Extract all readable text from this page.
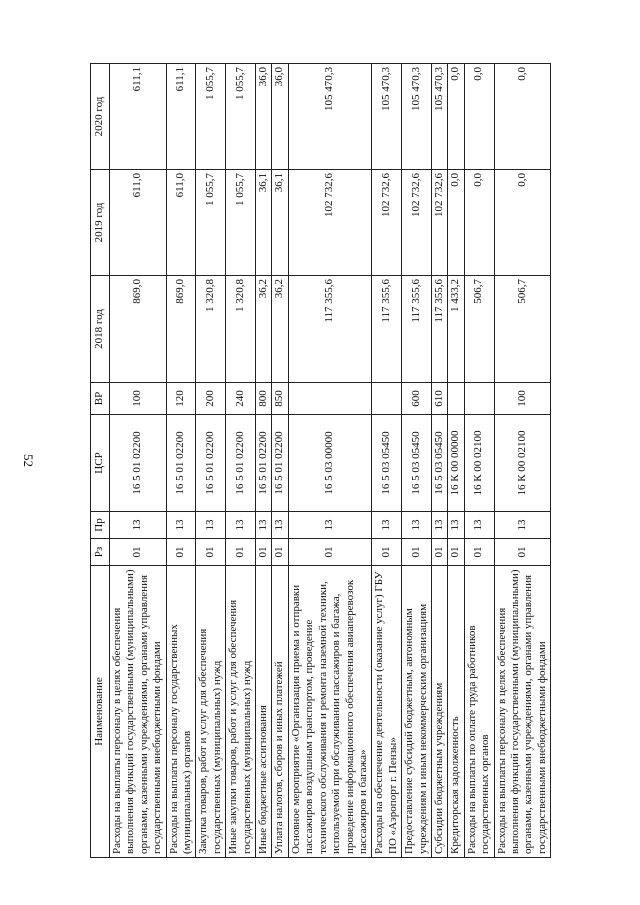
52
Наименование	Рз	Пр	ЦСР	ВР	2018 год	2019 год	2020 год
Расходы на выплаты персоналу в целях обеспечения выполнения функций государственными (муниципальными) органами, казенными учреждениями, органами управления государственными внебюджетными фондами	01	13	16 5 01 02200	100	869,0	611,0	611,1
Расходы на выплаты персоналу государственных (муниципальных) органов	01	13	16 5 01 02200	120	869,0	611,0	611,1
Закупка товаров, работ и услуг для обеспечения государственных (муниципальных) нужд	01	13	16 5 01 02200	200	1 320,8	1 055,7	1 055,7
Иные закупки товаров, работ и услуг для обеспечения государственных (муниципальных) нужд	01	13	16 5 01 02200	240	1 320,8	1 055,7	1 055,7
Иные бюджетные ассигнования	01	13	16 5 01 02200	800	36,2	36,1	36,0
Уплата налогов, сборов и иных платежей	01	13	16 5 01 02200	850	36,2	36,1	36,0
Основное мероприятие «Организация приема и отправки пассажиров воздушным транспортом, проведение технического обслуживания и ремонта наземной техники, используемой при обслуживании пассажиров и багажа, проведение информационного обеспечения авиаперевозок пассажиров и багажа»	01	13	16 5 03 00000		117 355,6	102 732,6	105 470,3
Расходы на обеспечение деятельности (оказание услуг) ГБУ ПО «Аэропорт г. Пензы»	01	13	16 5 03 05450		117 355,6	102 732,6	105 470,3
Предоставление субсидий бюджетным, автономным учреждениям и иным некоммерческим организациям	01	13	16 5 03 05450	600	117 355,6	102 732,6	105 470,3
Субсидии бюджетным учреждениям	01	13	16 5 03 05450	610	117 355,6	102 732,6	105 470,3
Кредиторская задолженность	01	13	16 К 00 00000		1 433,2	0,0	0,0
Расходы на выплаты по оплате труда работников государственных органов	01	13	16 К 00 02100		506,7	0,0	0,0
Расходы на выплаты персоналу в целях обеспечения выполнения функций государственными (муниципальными) органами, казенными учреждениями, органами управления государственными внебюджетными фондами	01	13	16 К 00 02100	100	506,7	0,0	0,0
